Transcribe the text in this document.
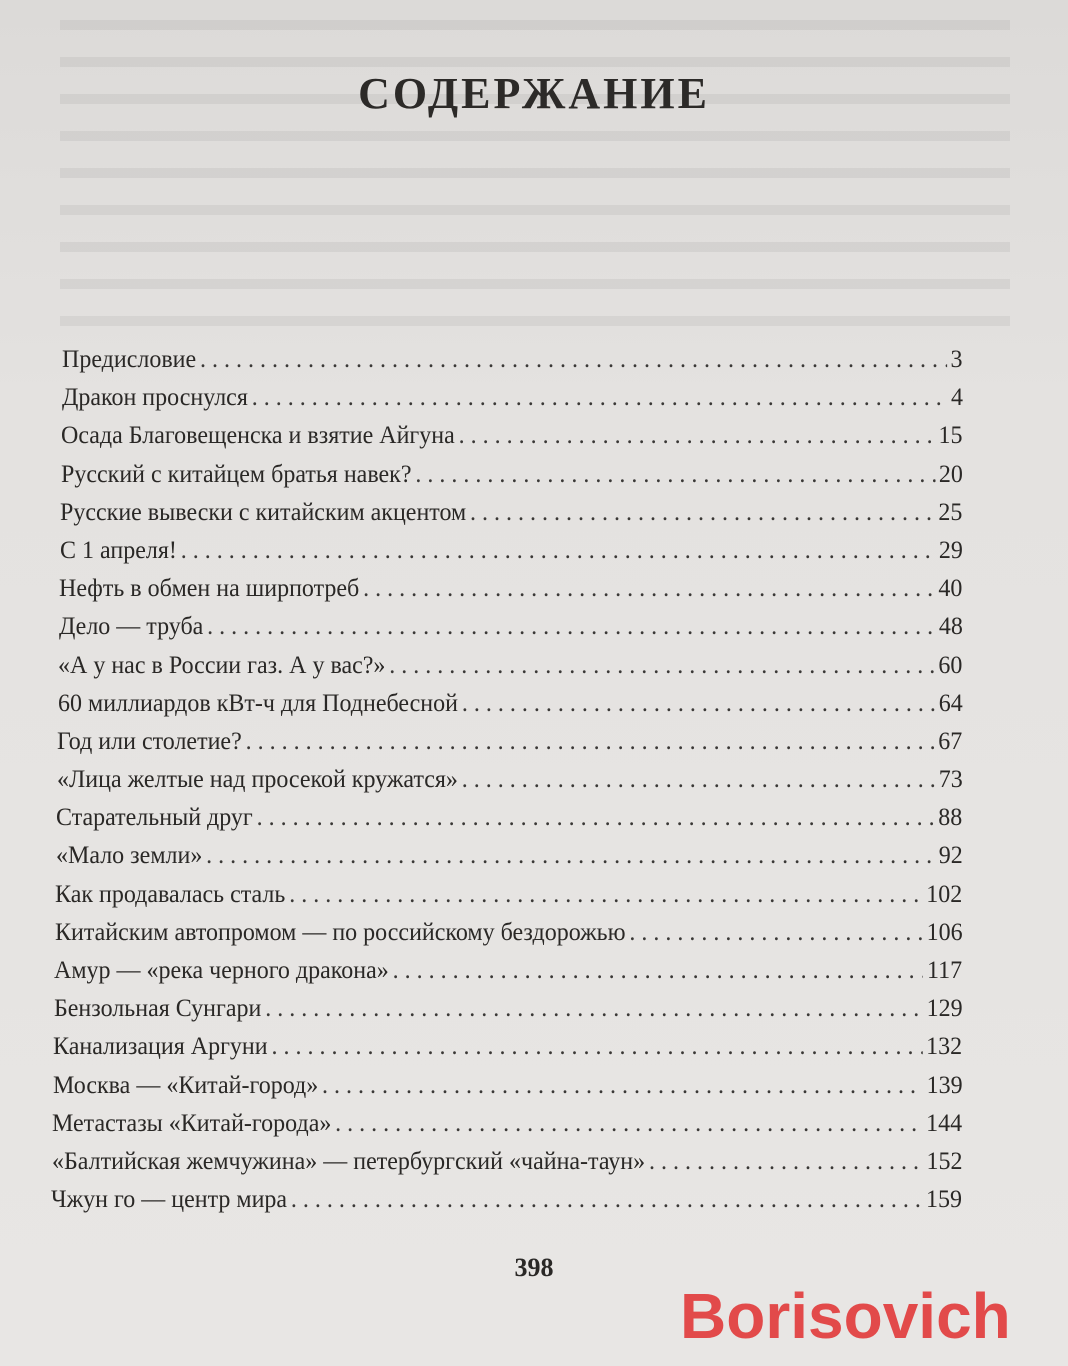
СОДЕРЖАНИЕ
Предисловие . . .	3
Дракон проснулся . . .	4
Осада Благовещенска и взятие Айгуна . . .	15
Русский с китайцем братья навек? . . .	20
Русские вывески с китайским акцентом . . .	25
С 1 апреля! . . .	29
Нефть в обмен на ширпотреб . . .	40
Дело — труба . . .	48
«А у нас в России газ. А у вас?» . . .	60
60 миллиардов кВт-ч для Поднебесной . . .	64
Год или столетие? . . .	67
«Лица желтые над просекой кружатся» . . .	73
Старательный друг . . .	88
«Мало земли» . . .	92
Как продавалась сталь . . .	102
Китайским автопромом — по российскому бездорожью . . .	106
Амур — «река черного дракона» . . .	117
Бензольная Сунгари . . .	129
Канализация Аргуни . . .	132
Москва — «Китай-город» . . .	139
Метастазы «Китай-города» . . .	144
«Балтийская жемчужина» — петербургский «чайна-таун» . . .	152
Чжун го — центр мира . . .	159
398
Borisovich
